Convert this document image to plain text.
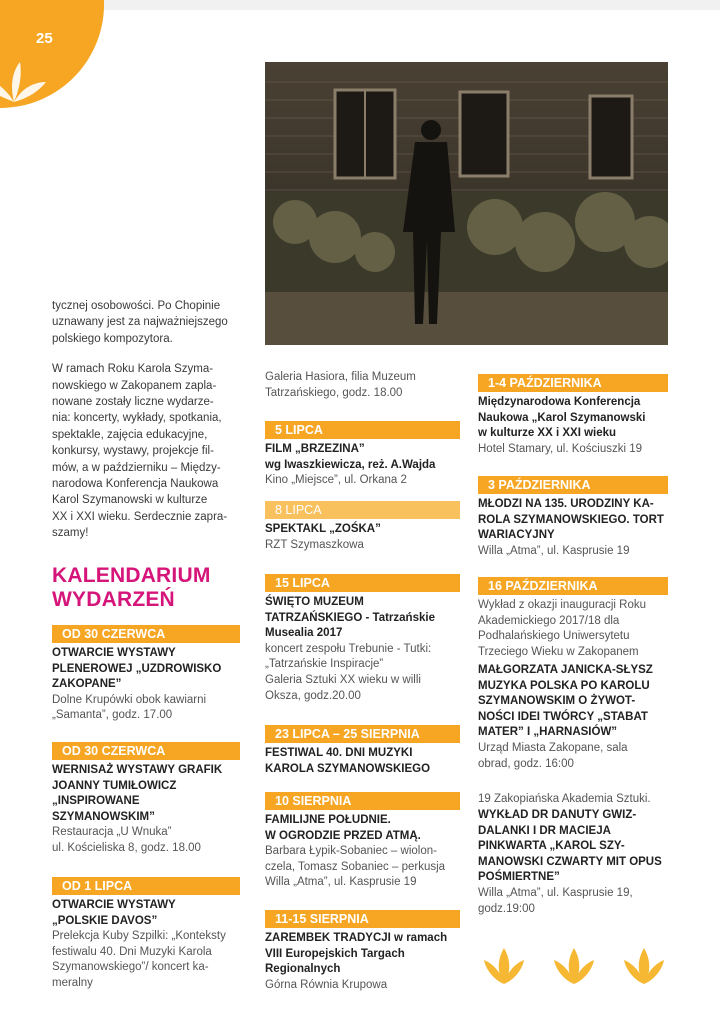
25

tycznej osobowości. Po Chopinie

uznawany jest za najważniejszego

polskiego kompozytora.

W ramach Roku Karola Szyma-

nowskiego w Zakopanem zapla-

nowane zostały liczne wydarze-

nia: koncerty, wykłady, spotkania,

spektakle, zajęcia edukacyjne,

konkursy, wystawy, projekcje fil-

mów, a w październiku – Między-

narodowa Konferencja Naukowa

Karol Szymanowski w kulturze

XX i XXI wieku. Serdecznie zapra-

szamy!

KALENDARIUM

WYDARZEŃ

OD 30 CZERWCA

OTWARCIE WYSTAWY

PLENEROWEJ „UZDROWISKO

ZAKOPANE”

Dolne Krupówki obok kawiarni

„Samanta”, godz. 17.00

OD 30 CZERWCA

WERNISAŻ WYSTAWY GRAFIK

JOANNY TUMIŁOWICZ

„INSPIROWANE

SZYMANOWSKIM”

Restauracja „U Wnuka”

ul. Kościeliska 8, godz. 18.00

OD 1 LIPCA

OTWARCIE WYSTAWY

„POLSKIE DAVOS”

Prelekcja Kuby Szpilki: „Konteksty

festiwalu 40. Dni Muzyki Karola

Szymanowskiego”/ koncert ka-

meralny

Galeria Hasiora, filia Muzeum

Tatrzańskiego, godz. 18.00

5 LIPCA

FILM „BRZEZINA”

wg Iwaszkiewicza, reż. A.Wajda

Kino „Miejsce”, ul. Orkana 2

8 LIPCA

SPEKTAKL „ZOŚKA”

RZT Szymaszkowa

15 LIPCA

ŚWIĘTO MUZEUM

TATRZAŃSKIEGO - Tatrzańskie

Musealia 2017

koncert zespołu Trebunie - Tutki:

„Tatrzańskie Inspiracje”

Galeria Sztuki XX wieku w willi

Oksza, godz.20.00

23 LIPCA – 25 SIERPNIA

FESTIWAL 40. DNI MUZYKI

KAROLA SZYMANOWSKIEGO

10 SIERPNIA

FAMILIJNE POŁUDNIE.

W OGRODZIE PRZED ATMĄ.

Barbara Łypik-Sobaniec – wiolon-

czela, Tomasz Sobaniec – perkusja

Willa „Atma”, ul. Kasprusie 19

11-15 SIERPNIA

ZAREMBEK TRADYCJI w ramach

VIII Europejskich Targach

Regionalnych

Górna Równia Krupowa

1-4 PAŹDZIERNIKA

Międzynarodowa Konferencja

Naukowa „Karol Szymanowski

w kulturze XX i XXI wieku

Hotel Stamary, ul. Kościuszki 19

3 PAŹDZIERNIKA

MŁODZI NA 135. URODZINY KA-

ROLA SZYMANOWSKIEGO. TORT

WARIACYJNY

Willa „Atma”, ul. Kasprusie 19

16 PAŹDZIERNIKA

Wykład z okazji inauguracji Roku

Akademickiego 2017/18 dla

Podhalańskiego Uniwersytetu

Trzeciego Wieku w Zakopanem

MAŁGORZATA JANICKA-SŁYSZ

MUZYKA POLSKA PO KAROLU

SZYMANOWSKIM O ŻYWOT-

NOŚCI IDEI TWÓRCY „STABAT

MATER” I „HARNASIÓW”

Urząd Miasta Zakopane, sala

obrad, godz. 16:00

19 Zakopiańska Akademia Sztuki.

WYKŁAD DR DANUTY GWIZ-

DALANKI I DR MACIEJA

PINKWARTA „KAROL SZY-

MANOWSKI CZWARTY MIT OPUS

POŚMIERTNE”

Willa „Atma”, ul. Kasprusie 19,

godz.19:00
